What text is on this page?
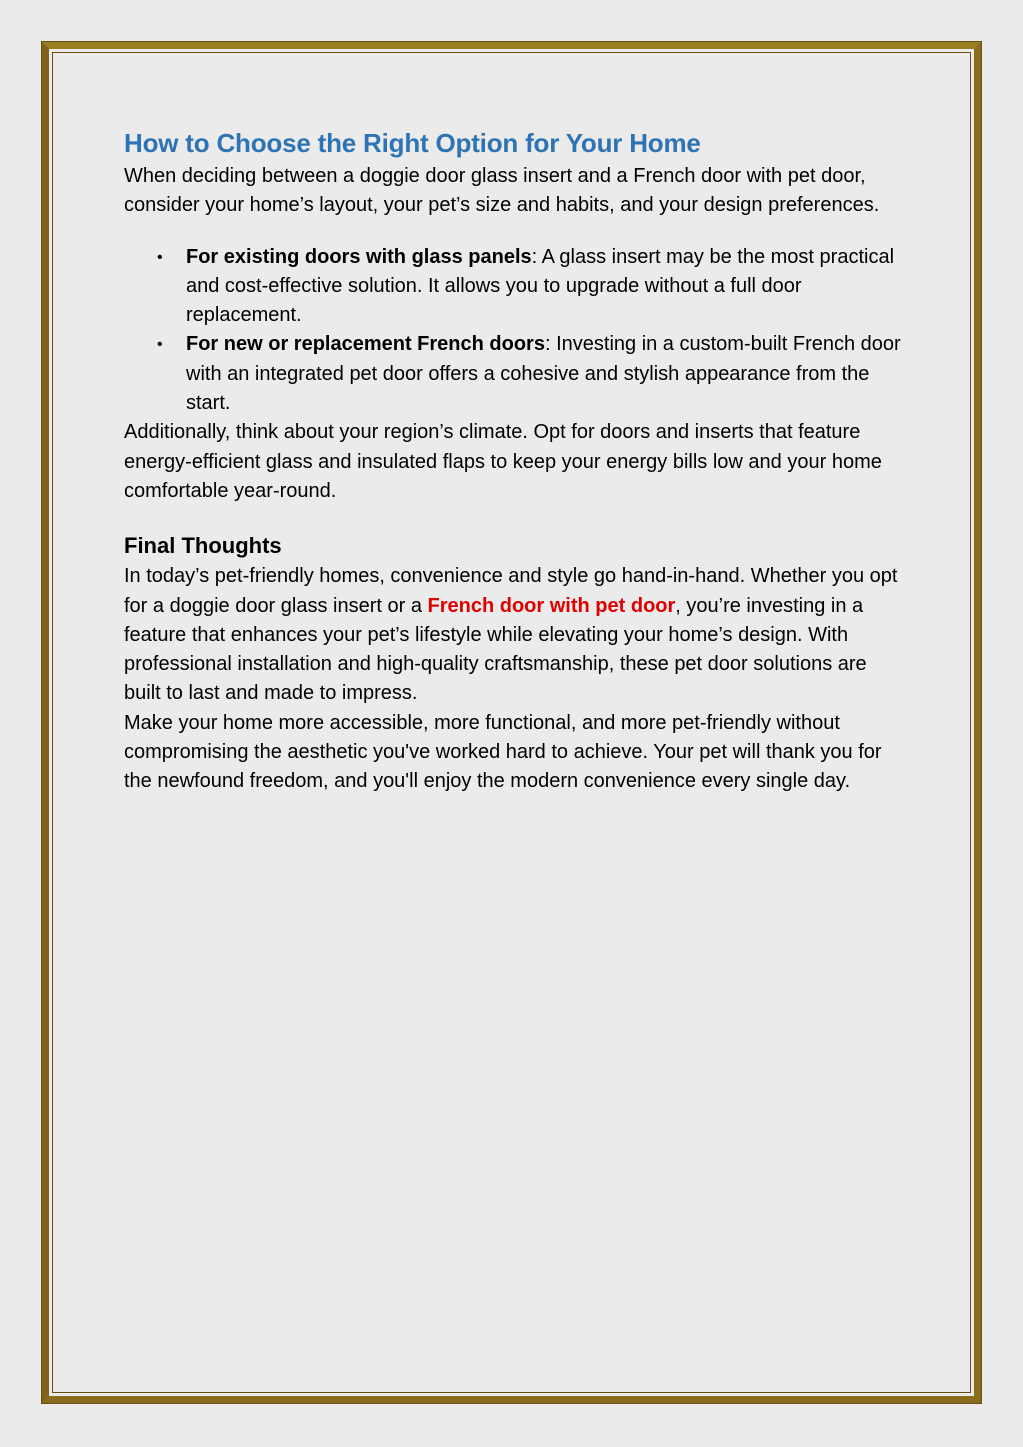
How to Choose the Right Option for Your Home

When deciding between a doggie door glass insert and a French door with pet door, consider your home’s layout, your pet’s size and habits, and your design preferences.

• For existing doors with glass panels: A glass insert may be the most practical and cost-effective solution. It allows you to upgrade without a full door replacement.
• For new or replacement French doors: Investing in a custom-built French door with an integrated pet door offers a cohesive and stylish appearance from the start.

Additionally, think about your region’s climate. Opt for doors and inserts that feature energy-efficient glass and insulated flaps to keep your energy bills low and your home comfortable year-round.

Final Thoughts

In today’s pet-friendly homes, convenience and style go hand-in-hand. Whether you opt for a doggie door glass insert or a French door with pet door, you’re investing in a feature that enhances your pet’s lifestyle while elevating your home’s design. With professional installation and high-quality craftsmanship, these pet door solutions are built to last and made to impress.

Make your home more accessible, more functional, and more pet-friendly without compromising the aesthetic you've worked hard to achieve. Your pet will thank you for the newfound freedom, and you'll enjoy the modern convenience every single day.
